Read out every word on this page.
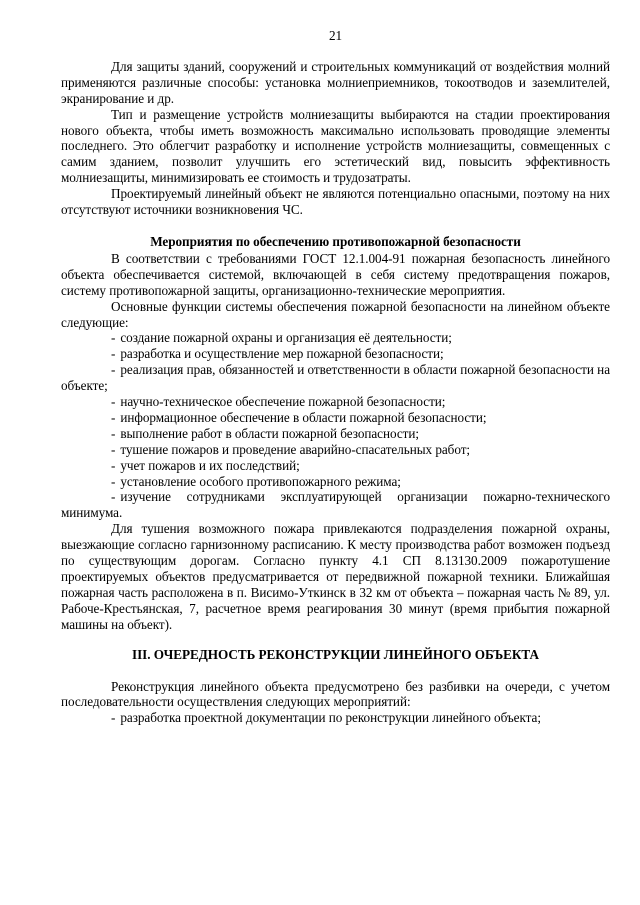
21

Для защиты зданий, сооружений и строительных коммуникаций от воздействия молний применяются различные способы: установка молниеприемников, токоотводов и заземлителей, экранирование и др.

Тип и размещение устройств молниезащиты выбираются на стадии проектирования нового объекта, чтобы иметь возможность максимально использовать проводящие элементы последнего. Это облегчит разработку и исполнение устройств молниезащиты, совмещенных с самим зданием, позволит улучшить его эстетический вид, повысить эффективность молниезащиты, минимизировать ее стоимость и трудозатраты.

Проектируемый линейный объект не являются потенциально опасными, поэтому на них отсутствуют источники возникновения ЧС.

Мероприятия по обеспечению противопожарной безопасности

В соответствии с требованиями ГОСТ 12.1.004-91 пожарная безопасность линейного объекта обеспечивается системой, включающей в себя систему предотвращения пожаров, систему противопожарной защиты, организационно-технические мероприятия.

Основные функции системы обеспечения пожарной безопасности на линейном объекте следующие:

- создание пожарной охраны и организация её деятельности;

- разработка и осуществление мер пожарной безопасности;

- реализация прав, обязанностей и ответственности в области пожарной безопасности на объекте;

- научно-техническое обеспечение пожарной безопасности;

- информационное обеспечение в области пожарной безопасности;

- выполнение работ в области пожарной безопасности;

- тушение пожаров и проведение аварийно-спасательных работ;

- учет пожаров и их последствий;

- установление особого противопожарного режима;

- изучение сотрудниками эксплуатирующей организации пожарно-технического минимума.

Для тушения возможного пожара привлекаются подразделения пожарной охраны, выезжающие согласно гарнизонному расписанию. К месту производства работ возможен подъезд по существующим дорогам. Согласно пункту 4.1 СП 8.13130.2009 пожаротушение проектируемых объектов предусматривается от передвижной пожарной техники. Ближайшая пожарная часть расположена в п. Висимо-Уткинск в 32 км от объекта – пожарная часть № 89, ул. Рабоче-Крестьянская, 7, расчетное время реагирования 30 минут (время прибытия пожарной машины на объект).

III. ОЧЕРЕДНОСТЬ РЕКОНСТРУКЦИИ ЛИНЕЙНОГО ОБЪЕКТА

Реконструкция линейного объекта предусмотрено без разбивки на очереди, с учетом последовательности осуществления следующих мероприятий:

- разработка проектной документации по реконструкции линейного объекта;
